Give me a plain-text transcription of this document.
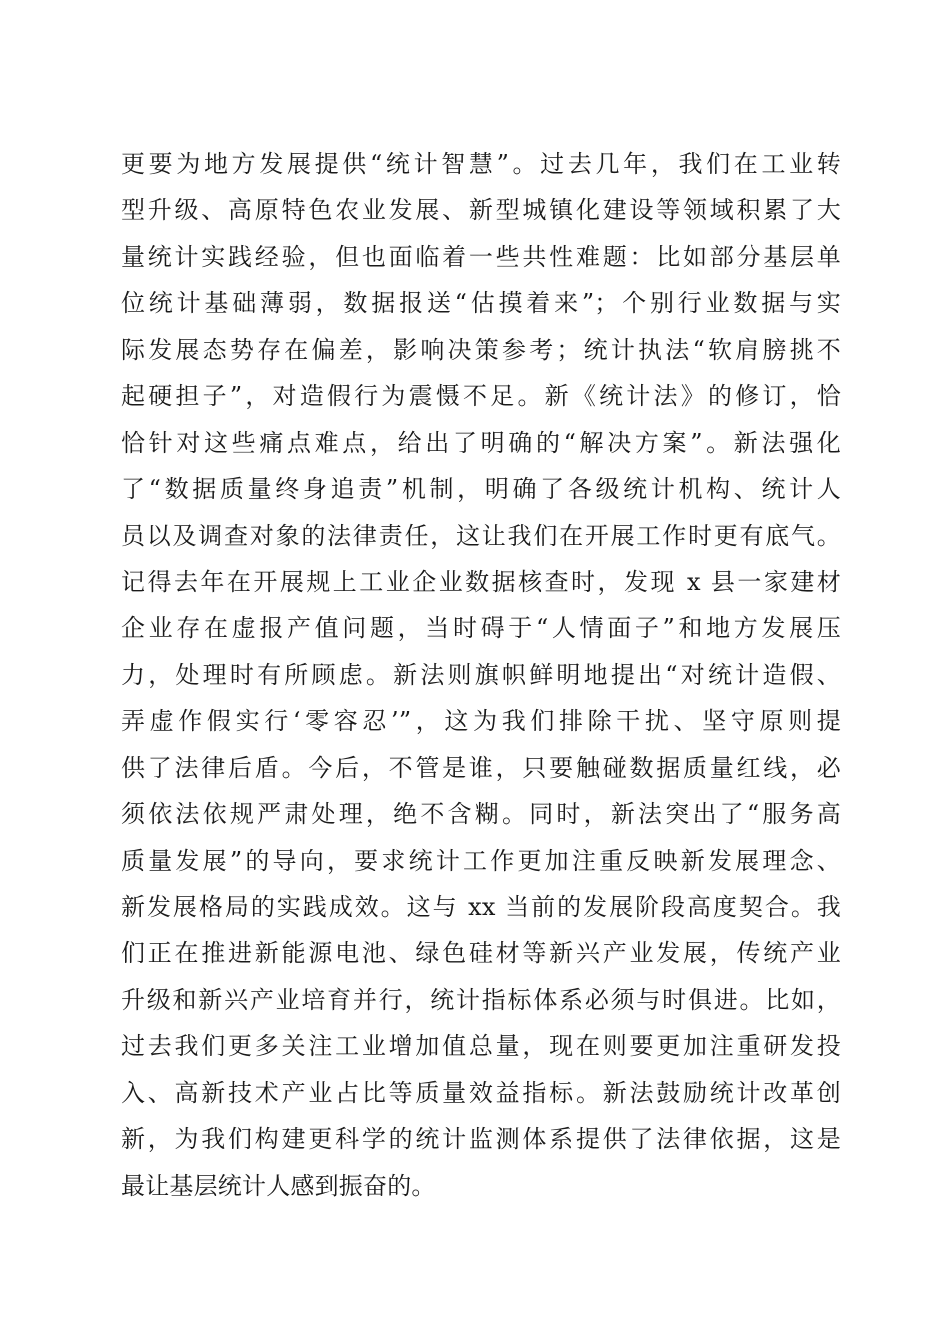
更要为地方发展提供“统计智慧”。过去几年，我们在工业转
型升级、高原特色农业发展、新型城镇化建设等领域积累了大
量统计实践经验，但也面临着一些共性难题：比如部分基层单
位统计基础薄弱，数据报送“估摸着来”；个别行业数据与实
际发展态势存在偏差，影响决策参考；统计执法“软肩膀挑不
起硬担子”，对造假行为震慑不足。新《统计法》的修订，恰
恰针对这些痛点难点，给出了明确的“解决方案”。新法强化
了“数据质量终身追责”机制，明确了各级统计机构、统计人
员以及调查对象的法律责任，这让我们在开展工作时更有底气。
记得去年在开展规上工业企业数据核查时，发现 x 县一家建材
企业存在虚报产值问题，当时碍于“人情面子”和地方发展压
力，处理时有所顾虑。新法则旗帜鲜明地提出“对统计造假、
弄虚作假实行‘零容忍’”，这为我们排除干扰、坚守原则提
供了法律后盾。今后，不管是谁，只要触碰数据质量红线，必
须依法依规严肃处理，绝不含糊。同时，新法突出了“服务高
质量发展”的导向，要求统计工作更加注重反映新发展理念、
新发展格局的实践成效。这与 xx 当前的发展阶段高度契合。我
们正在推进新能源电池、绿色硅材等新兴产业发展，传统产业
升级和新兴产业培育并行，统计指标体系必须与时俱进。比如，
过去我们更多关注工业增加值总量，现在则要更加注重研发投
入、高新技术产业占比等质量效益指标。新法鼓励统计改革创
新，为我们构建更科学的统计监测体系提供了法律依据，这是
最让基层统计人感到振奋的。
